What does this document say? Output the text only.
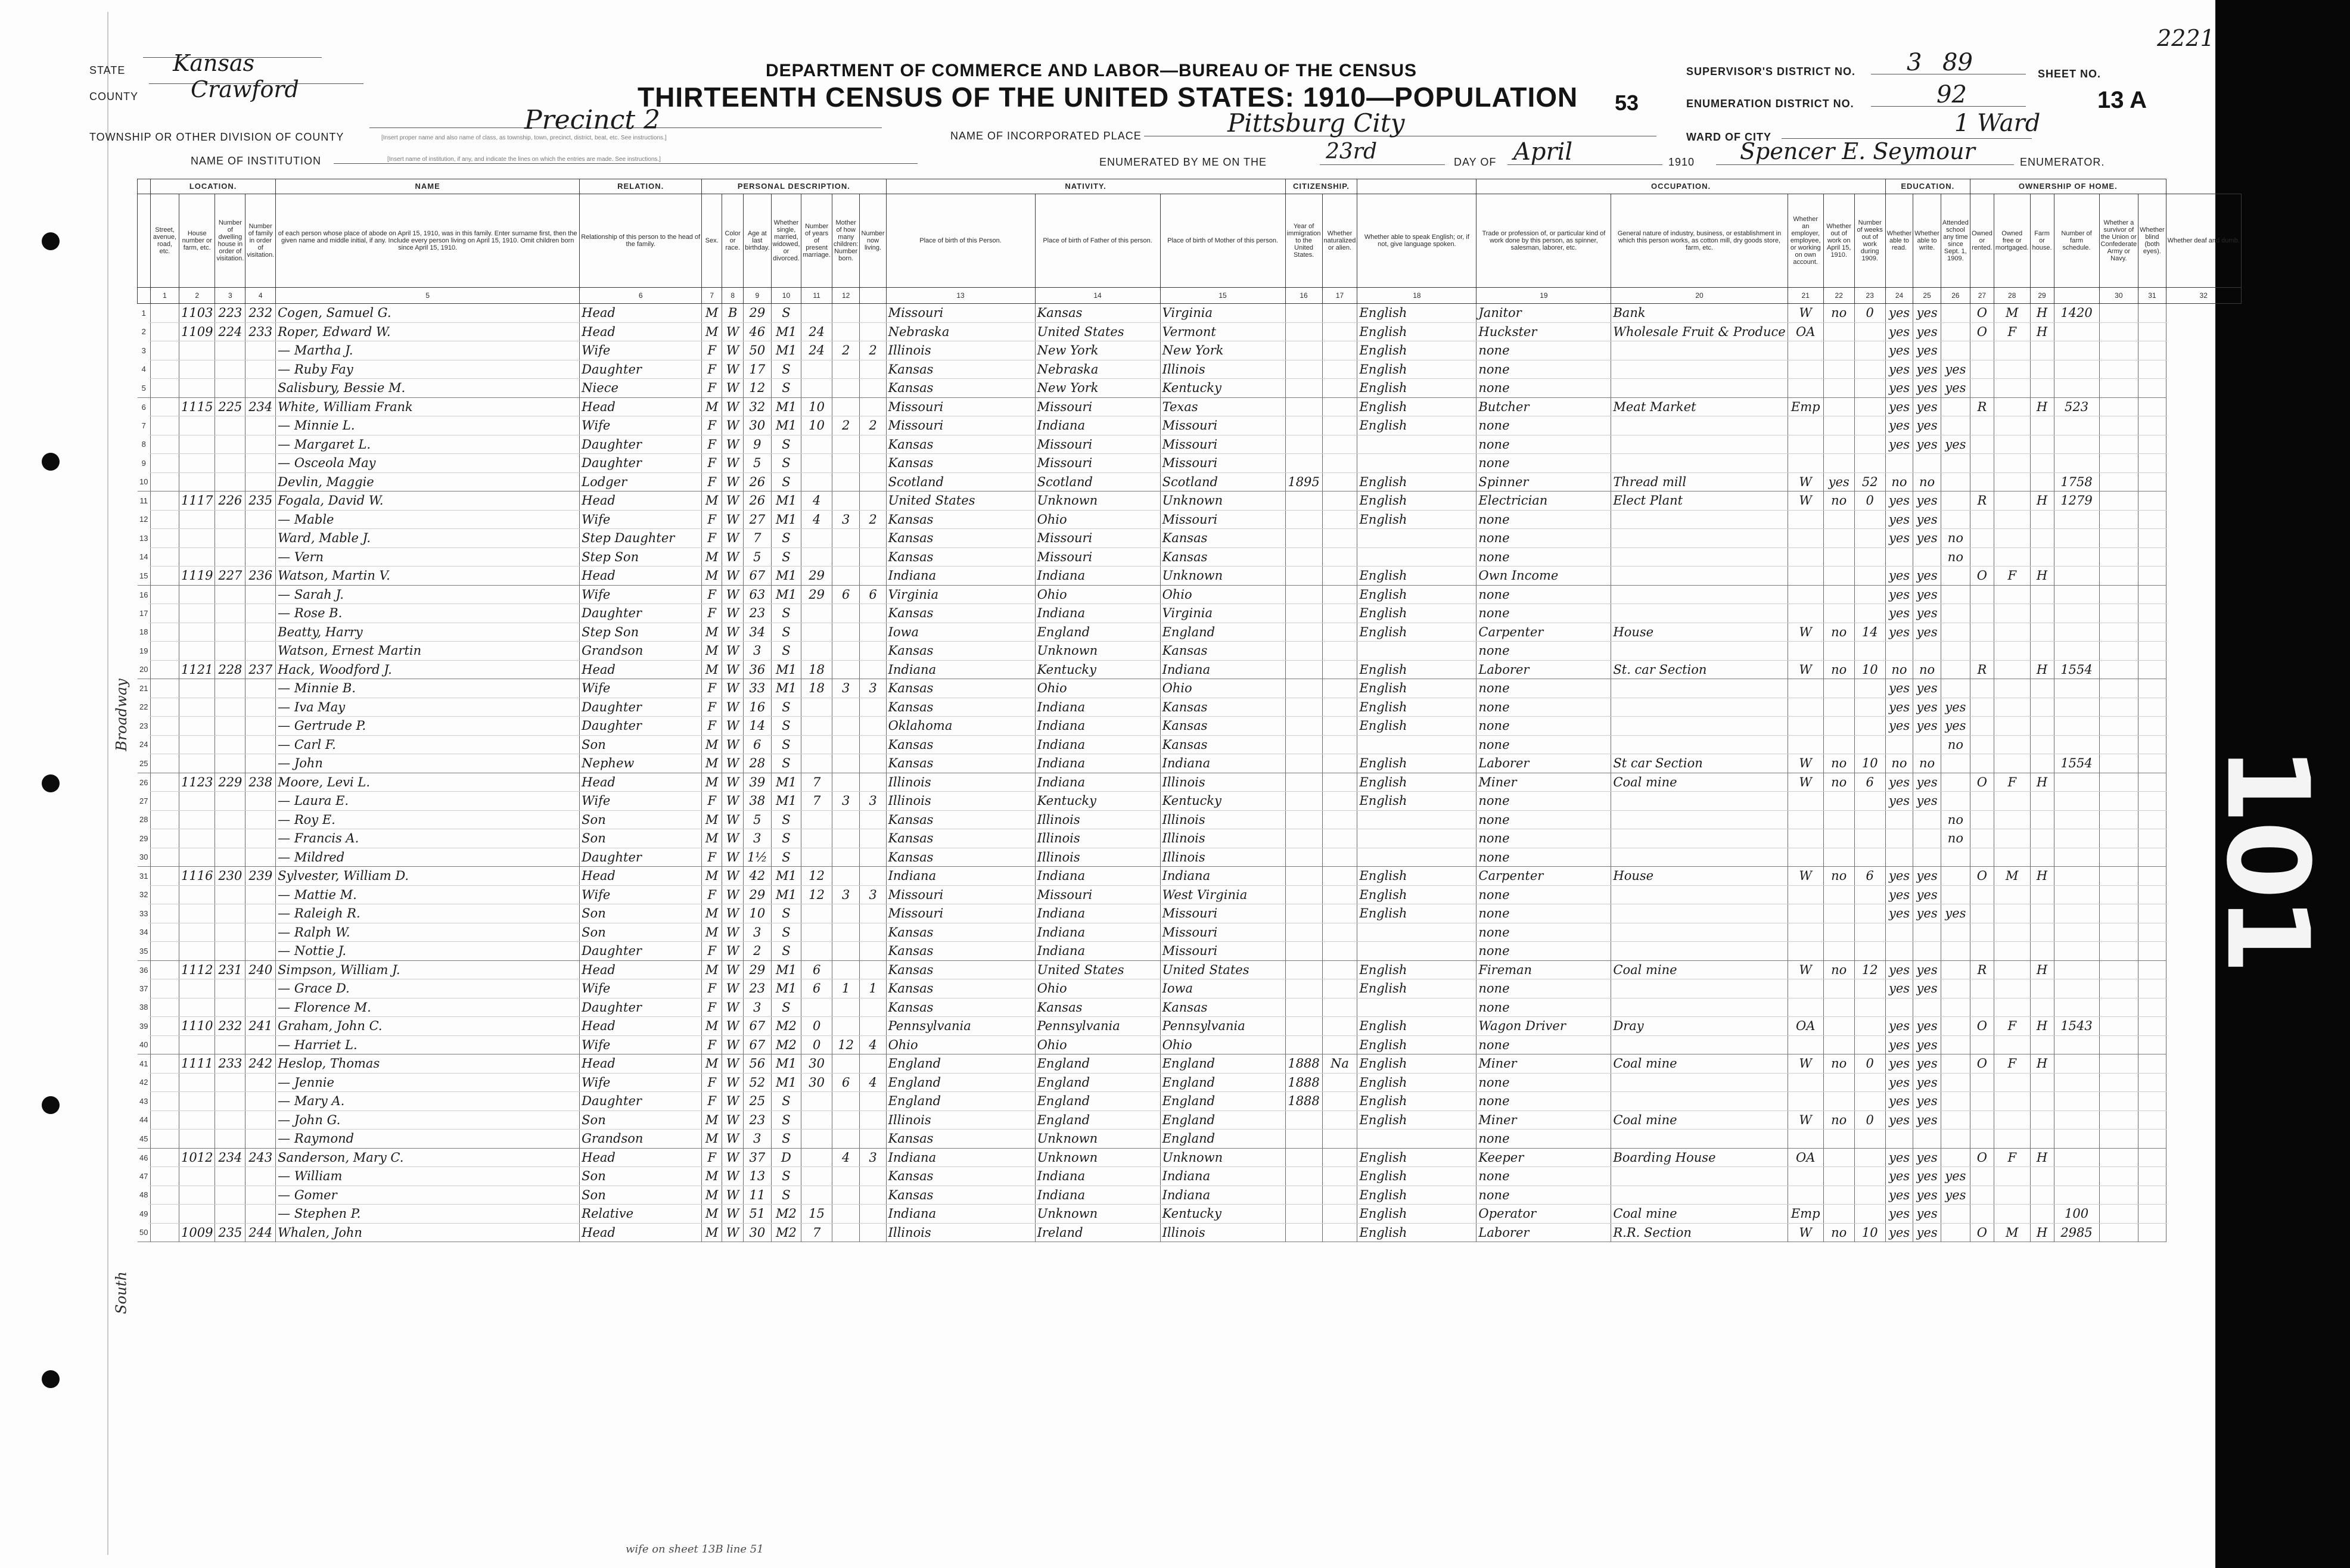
101
STATE Kansas
COUNTY Crawford
TOWNSHIP OR OTHER DIVISION OF COUNTY
Precinct 2
[Insert proper name and also name of class, as township, town, precinct, district, beat, etc. See instructions.]
NAME OF INSTITUTION	[Insert name of institution, if any, and indicate the lines on which the entries are made. See instructions.]
DEPARTMENT OF COMMERCE AND LABOR—BUREAU OF THE CENSUS
THIRTEENTH CENSUS OF THE UNITED STATES: 1910—POPULATION 53
NAME OF INCORPORATED PLACE	Pittsburg City
ENUMERATED BY ME ON THE	23rd	DAY OF April	1910 Spencer E. Seymour	ENUMERATOR.
2221
SUPERVISOR'S DISTRICT NO. 3 89
ENUMERATION DISTRICT NO.	92
SHEET NO.
13 A
WARD OF CITY	1 Ward
Broadway
South
	LOCATION.				NAME	RELATION.	PERSONAL DESCRIPTION.							NATIVITY.			CITIZENSHIP.			OCCUPATION.					EDUCATION.			OWNERSHIP OF HOME.						
	Street, avenue, road, etc.	House number or farm, etc.	Number of dwelling house in order of visitation.	Number of family in order of visitation.	of each person whose place of abode on April 15, 1910, was in this family. Enter surname first, then the given name and middle initial, if any. Include every person living on April 15, 1910. Omit children born since April 15, 1910.	Relationship of this person to the head of the family.	Sex.	Color or race.	Age at last birthday.	Whether single, married, widowed, or divorced.	Number of years of present marriage.	Mother of how many children: Number born.	Number now living.	Place of birth of this Person.	Place of birth of Father of this person.	Place of birth of Mother of this person.	Year of immigration to the United States.	Whether naturalized or alien.	Whether able to speak English; or, if not, give language spoken.	Trade or profession of, or particular kind of work done by this person, as spinner, salesman, laborer, etc.	General nature of industry, business, or establishment in which this person works, as cotton mill, dry goods store, farm, etc.	Whether an employer, employee, or working on own account.	Whether out of work on April 15, 1910.	Number of weeks out of work during 1909.	Whether able to read.	Whether able to write.	Attended school any time since Sept. 1, 1909.	Owned or rented.	Owned free or mortgaged.	Farm or house.	Number of farm schedule.	Whether a survivor of the Union or Confederate Army or Navy.	Whether blind (both eyes).	Whether deaf and dumb.
	1	2	3	4	5	6	7	8	9	10	11	12		13	14	15	16	17	18	19	20	21	22	23	24	25	26	27	28	29		30	31	32
1		1103	223	232	Cogen, Samuel G.	Head	M	B	29	S				Missouri	Kansas	Virginia			English	Janitor	Bank	W	no	0	yes	yes		O	M	H	1420			
2		1109	224	233	Roper, Edward W.	Head	M	W	46	M1	24			Nebraska	United States	Vermont			English	Huckster	Wholesale Fruit & Produce	OA			yes	yes		O	F	H				
3					— Martha J.	Wife	F	W	50	M1	24	2	2	Illinois	New York	New York			English	none					yes	yes								
4					— Ruby Fay	Daughter	F	W	17	S				Kansas	Nebraska	Illinois			English	none					yes	yes	yes							
5					Salisbury, Bessie M.	Niece	F	W	12	S				Kansas	New York	Kentucky			English	none					yes	yes	yes							
6		1115	225	234	White, William Frank	Head	M	W	32	M1	10			Missouri	Missouri	Texas			English	Butcher	Meat Market	Emp			yes	yes		R		H	523			
7					— Minnie L.	Wife	F	W	30	M1	10	2	2	Missouri	Indiana	Missouri			English	none					yes	yes								
8					— Margaret L.	Daughter	F	W	9	S				Kansas	Missouri	Missouri				none					yes	yes	yes							
9					— Osceola May	Daughter	F	W	5	S				Kansas	Missouri	Missouri				none														
10					Devlin, Maggie	Lodger	F	W	26	S				Scotland	Scotland	Scotland	1895		English	Spinner	Thread mill	W	yes	52	no	no					1758			
11		1117	226	235	Fogala, David W.	Head	M	W	26	M1	4			United States	Unknown	Unknown			English	Electrician	Elect Plant	W	no	0	yes	yes		R		H	1279			
12					— Mable	Wife	F	W	27	M1	4	3	2	Kansas	Ohio	Missouri			English	none					yes	yes								
13					Ward, Mable J.	Step Daughter	F	W	7	S				Kansas	Missouri	Kansas				none					yes	yes	no							
14					— Vern	Step Son	M	W	5	S				Kansas	Missouri	Kansas				none							no							
15		1119	227	236	Watson, Martin V.	Head	M	W	67	M1	29			Indiana	Indiana	Unknown			English	Own Income					yes	yes		O	F	H				
16					— Sarah J.	Wife	F	W	63	M1	29	6	6	Virginia	Ohio	Ohio			English	none					yes	yes								
17					— Rose B.	Daughter	F	W	23	S				Kansas	Indiana	Virginia			English	none					yes	yes								
18					Beatty, Harry	Step Son	M	W	34	S				Iowa	England	England			English	Carpenter	House	W	no	14	yes	yes								
19					Watson, Ernest Martin	Grandson	M	W	3	S				Kansas	Unknown	Kansas				none														
20		1121	228	237	Hack, Woodford J.	Head	M	W	36	M1	18			Indiana	Kentucky	Indiana			English	Laborer	St. car Section	W	no	10	no	no		R		H	1554			
21					— Minnie B.	Wife	F	W	33	M1	18	3	3	Kansas	Ohio	Ohio			English	none					yes	yes								
22					— Iva May	Daughter	F	W	16	S				Kansas	Indiana	Kansas			English	none					yes	yes	yes							
23					— Gertrude P.	Daughter	F	W	14	S				Oklahoma	Indiana	Kansas			English	none					yes	yes	yes							
24					— Carl F.	Son	M	W	6	S				Kansas	Indiana	Kansas				none							no							
25					— John	Nephew	M	W	28	S				Kansas	Indiana	Indiana			English	Laborer	St car Section	W	no	10	no	no					1554			
26		1123	229	238	Moore, Levi L.	Head	M	W	39	M1	7			Illinois	Indiana	Illinois			English	Miner	Coal mine	W	no	6	yes	yes		O	F	H				
27					— Laura E.	Wife	F	W	38	M1	7	3	3	Illinois	Kentucky	Kentucky			English	none					yes	yes								
28					— Roy E.	Son	M	W	5	S				Kansas	Illinois	Illinois				none							no							
29					— Francis A.	Son	M	W	3	S				Kansas	Illinois	Illinois				none							no							
30					— Mildred	Daughter	F	W	1½	S				Kansas	Illinois	Illinois				none														
31		1116	230	239	Sylvester, William D.	Head	M	W	42	M1	12			Indiana	Indiana	Indiana			English	Carpenter	House	W	no	6	yes	yes		O	M	H				
32					— Mattie M.	Wife	F	W	29	M1	12	3	3	Missouri	Missouri	West Virginia			English	none					yes	yes								
33					— Raleigh R.	Son	M	W	10	S				Missouri	Indiana	Missouri			English	none					yes	yes	yes							
34					— Ralph W.	Son	M	W	3	S				Kansas	Indiana	Missouri				none														
35					— Nottie J.	Daughter	F	W	2	S				Kansas	Indiana	Missouri				none														
36		1112	231	240	Simpson, William J.	Head	M	W	29	M1	6			Kansas	United States	United States			English	Fireman	Coal mine	W	no	12	yes	yes		R		H				
37					— Grace D.	Wife	F	W	23	M1	6	1	1	Kansas	Ohio	Iowa			English	none					yes	yes								
38					— Florence M.	Daughter	F	W	3	S				Kansas	Kansas	Kansas				none														
39		1110	232	241	Graham, John C.	Head	M	W	67	M2	0			Pennsylvania	Pennsylvania	Pennsylvania			English	Wagon Driver	Dray	OA			yes	yes		O	F	H	1543			
40					— Harriet L.	Wife	F	W	67	M2	0	12	4	Ohio	Ohio	Ohio			English	none					yes	yes								
41		1111	233	242	Heslop, Thomas	Head	M	W	56	M1	30			England	England	England	1888	Na	English	Miner	Coal mine	W	no	0	yes	yes		O	F	H				
42					— Jennie	Wife	F	W	52	M1	30	6	4	England	England	England	1888		English	none					yes	yes								
43					— Mary A.	Daughter	F	W	25	S				England	England	England	1888		English	none					yes	yes								
44					— John G.	Son	M	W	23	S				Illinois	England	England			English	Miner	Coal mine	W	no	0	yes	yes								
45					— Raymond	Grandson	M	W	3	S				Kansas	Unknown	England				none														
46		1012	234	243	Sanderson, Mary C.	Head	F	W	37	D		4	3	Indiana	Unknown	Unknown			English	Keeper	Boarding House	OA			yes	yes		O	F	H				
47					— William	Son	M	W	13	S				Kansas	Indiana	Indiana			English	none					yes	yes	yes							
48					— Gomer	Son	M	W	11	S				Kansas	Indiana	Indiana			English	none					yes	yes	yes							
49					— Stephen P.	Relative	M	W	51	M2	15			Indiana	Unknown	Kentucky			English	Operator	Coal mine	Emp			yes	yes					100			
50		1009	235	244	Whalen, John	Head	M	W	30	M2	7			Illinois	Ireland	Illinois			English	Laborer	R.R. Section	W	no	10	yes	yes		O	M	H	2985			
wife on sheet 13B line 51
